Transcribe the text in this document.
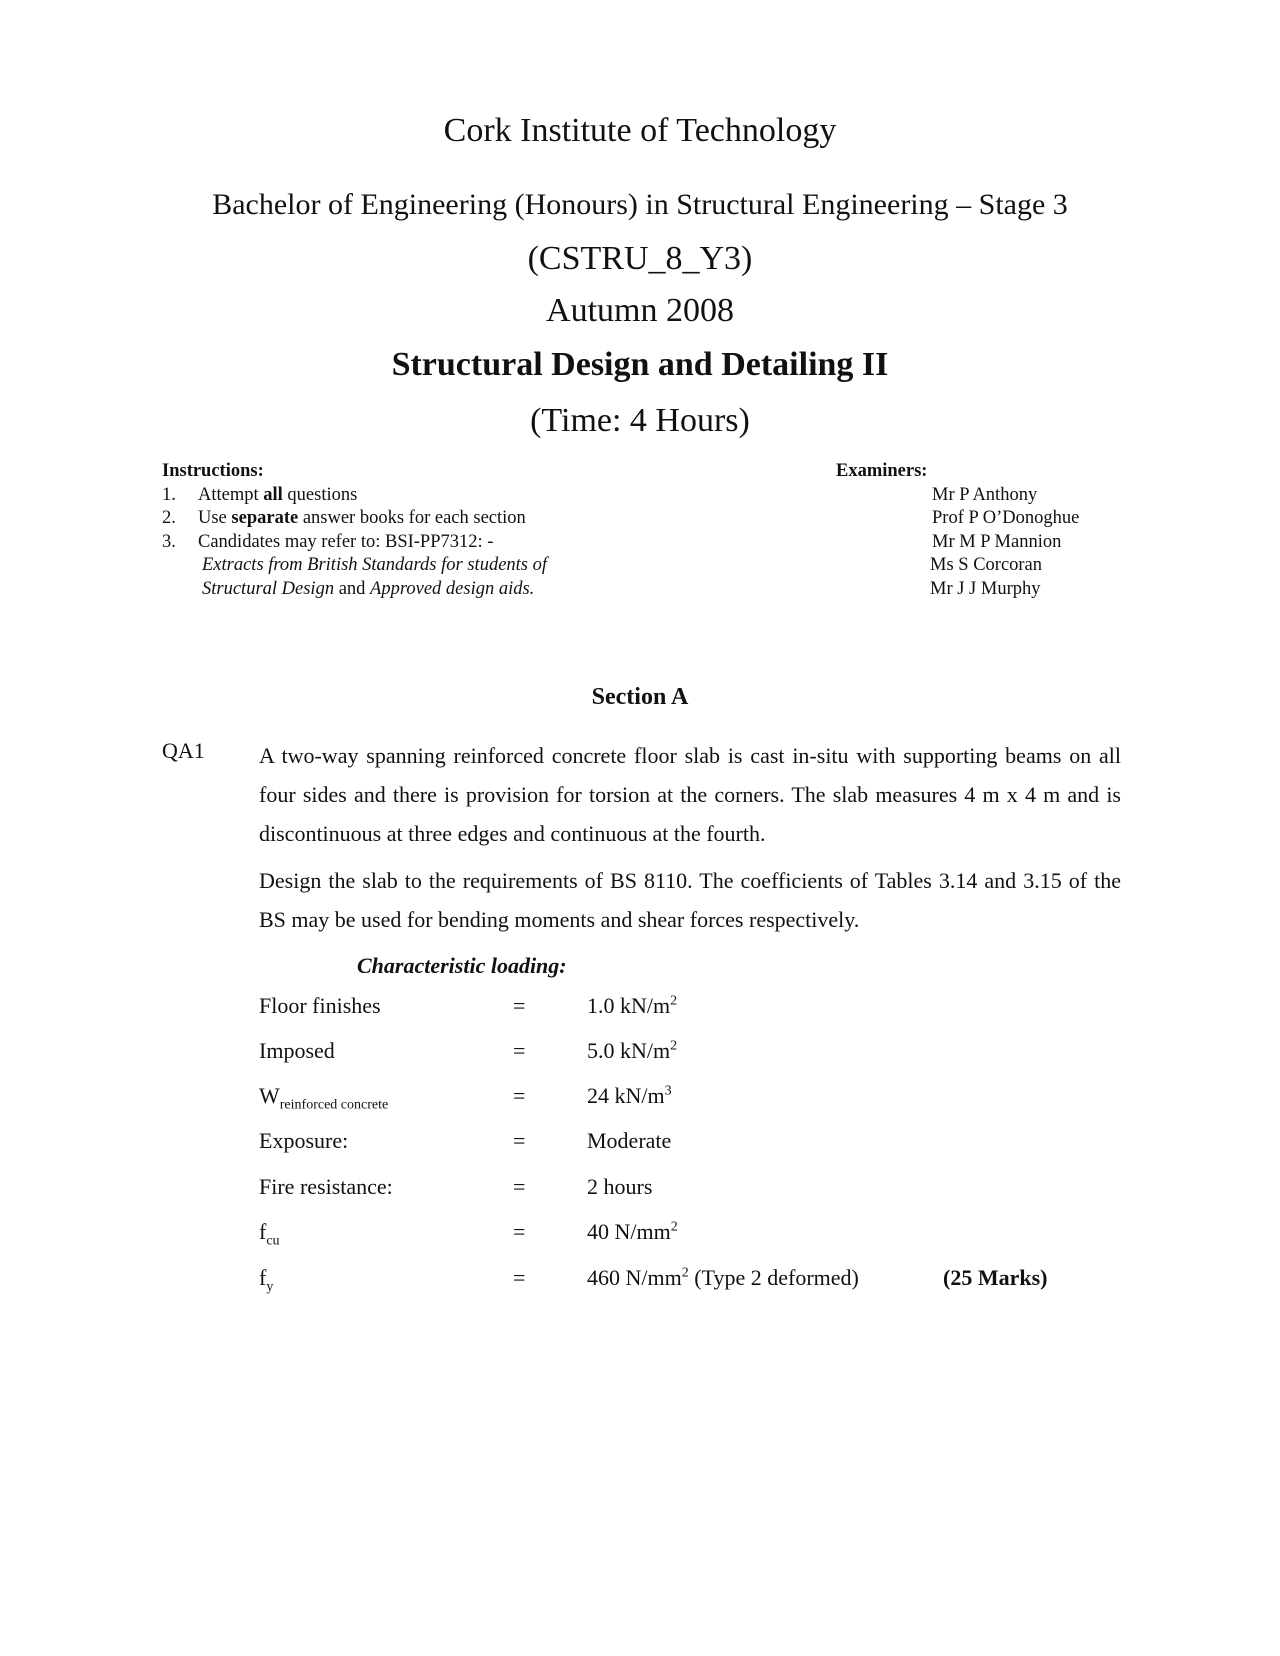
Cork Institute of Technology
Bachelor of Engineering (Honours) in Structural Engineering – Stage 3
(CSTRU_8_Y3)
Autumn 2008
Structural Design and Detailing II
(Time: 4 Hours)
Instructions:
1. Attempt all questions
2. Use separate answer books for each section
3. Candidates may refer to: BSI-PP7312: -
Extracts from British Standards for students of
Structural Design and Approved design aids.
Examiners:
Mr P Anthony
Prof P O’Donoghue
Mr M P Mannion
Ms S Corcoran
Mr J J Murphy
Section A
QA1 A two-way spanning reinforced concrete floor slab is cast in-situ with supporting beams on all four sides and there is provision for torsion at the corners. The slab measures 4 m x 4 m and is discontinuous at three edges and continuous at the fourth.

Design the slab to the requirements of BS 8110. The coefficients of Tables 3.14 and 3.15 of the BS may be used for bending moments and shear forces respectively.

Characteristic loading:
Floor finishes	=	1.0 $kN/m^2$
Imposed	=	5.0 $kN/m^2$
$W_{reinforced concrete}$	=	24 $kN/m^3$
Exposure:	=	Moderate
Fire resistance:	=	2 hours
$f_{cu}$	=	40 $N/mm^2$
$f_y$	=	460 $N/mm^2$ (Type 2 deformed)	(25 Marks)
